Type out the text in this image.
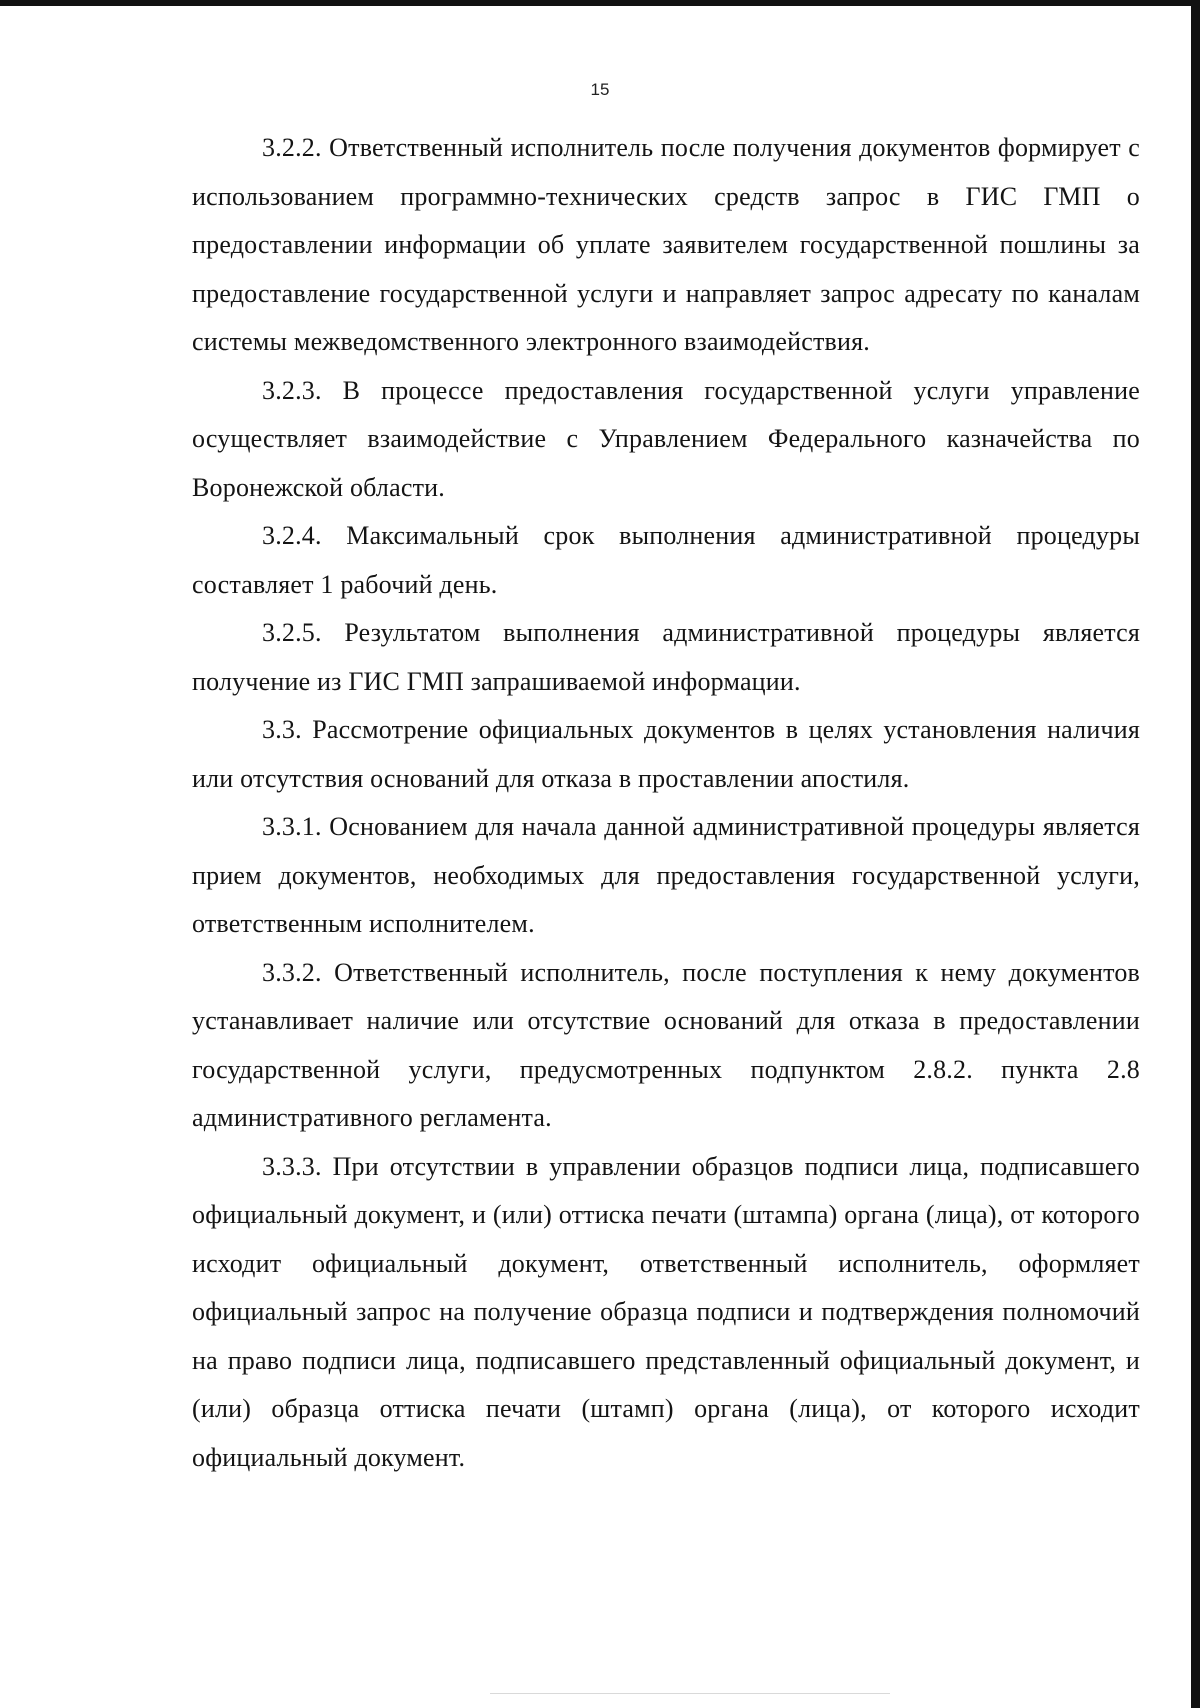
15

3.2.2. Ответственный исполнитель после получения документов формирует с использованием программно-технических средств запрос в ГИС ГМП о предоставлении информации об уплате заявителем государственной пошлины за предоставление государственной услуги и направляет запрос адресату по каналам системы межведомственного электронного взаимодействия.

3.2.3. В процессе предоставления государственной услуги управление осуществляет взаимодействие с Управлением Федерального казначейства по Воронежской области.

3.2.4. Максимальный срок выполнения административной процедуры составляет 1 рабочий день.

3.2.5. Результатом выполнения административной процедуры является получение из ГИС ГМП запрашиваемой информации.

3.3. Рассмотрение официальных документов в целях установления наличия или отсутствия оснований для отказа в проставлении апостиля.

3.3.1. Основанием для начала данной административной процедуры является прием документов, необходимых для предоставления государственной услуги, ответственным исполнителем.

3.3.2. Ответственный исполнитель, после поступления к нему документов устанавливает наличие или отсутствие оснований для отказа в предоставлении государственной услуги, предусмотренных подпунктом 2.8.2. пункта 2.8 административного регламента.

3.3.3. При отсутствии в управлении образцов подписи лица, подписавшего официальный документ, и (или) оттиска печати (штампа) органа (лица), от которого исходит официальный документ, ответственный исполнитель, оформляет официальный запрос на получение образца подписи и подтверждения полномочий на право подписи лица, подписавшего представленный официальный документ, и (или) образца оттиска печати (штамп) органа (лица), от которого исходит официальный документ.
